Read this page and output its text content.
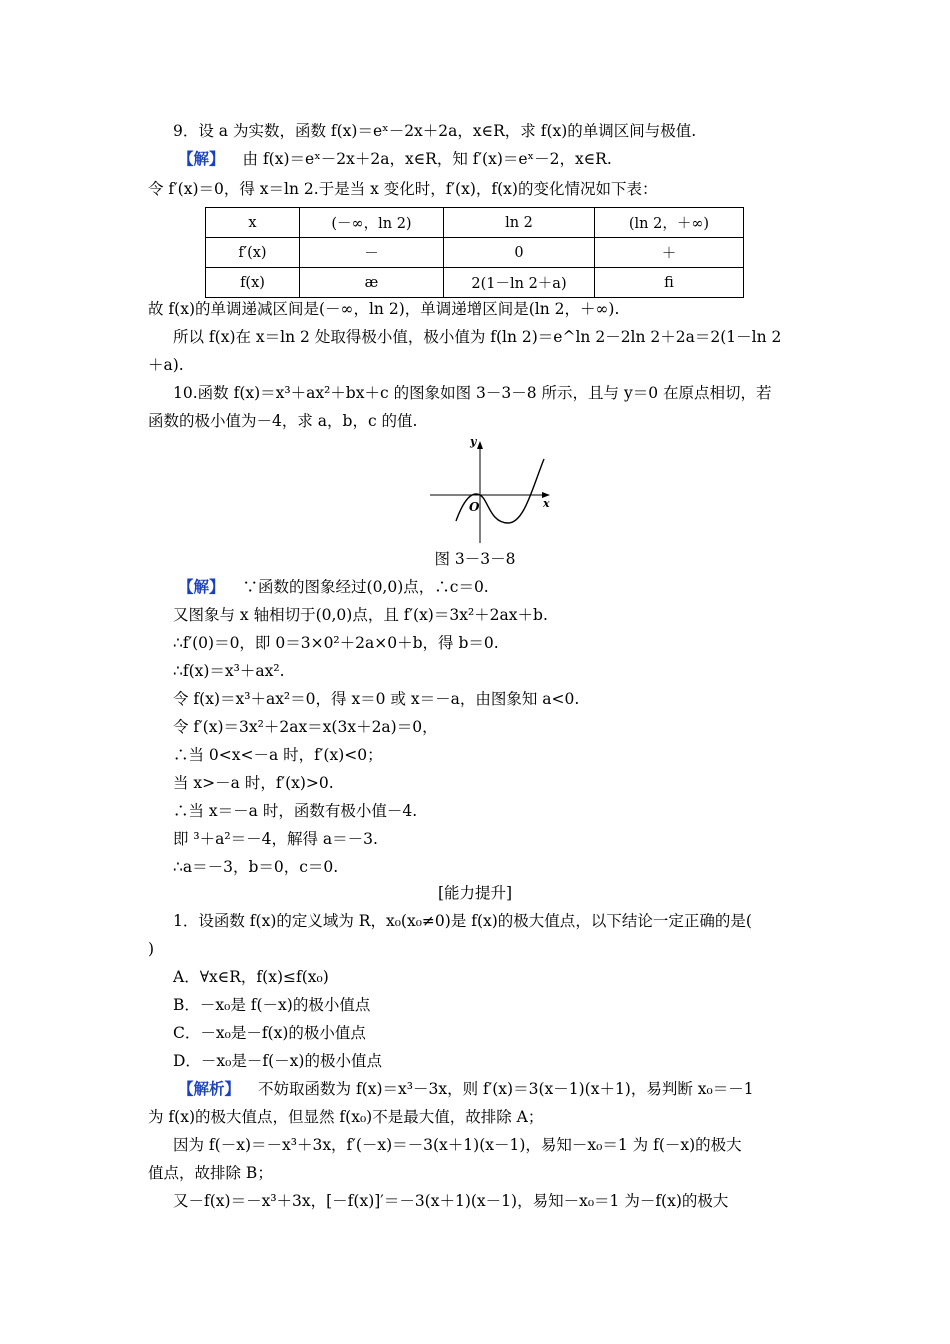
9．设 a 为实数，函数 f(x)＝eˣ－2x＋2a，x∈R，求 f(x)的单调区间与极值.
【解】 由 f(x)＝eˣ－2x＋2a，x∈R，知 f′(x)＝eˣ－2，x∈R.
令 f′(x)＝0，得 x＝ln 2.于是当 x 变化时，f′(x)，f(x)的变化情况如下表：
x	(－∞，ln 2)	ln 2	(ln 2，＋∞)
f′(x)	－	0	＋
f(x)	æ	2(1－ln 2＋a)	ﬁ
故 f(x)的单调递减区间是(－∞，ln 2)，单调递增区间是(ln 2，＋∞).
所以 f(x)在 x＝ln 2 处取得极小值，极小值为 f(ln 2)＝e^ln 2－2ln 2＋2a＝2(1－ln 2
＋a).
10.函数 f(x)＝x³＋ax²＋bx＋c 的图象如图 3－3－8 所示，且与 y＝0 在原点相切，若
函数的极小值为－4，求 a，b，c 的值.
x
y
O
图 3－3－8
【解】 ∵函数的图象经过(0,0)点，∴c＝0.
又图象与 x 轴相切于(0,0)点，且 f′(x)＝3x²＋2ax＋b.
∴f′(0)＝0，即 0＝3×0²＋2a×0＋b，得 b＝0.
∴f(x)＝x³＋ax².
令 f(x)＝x³＋ax²＝0，得 x＝0 或 x＝－a，由图象知 a<0.
令 f′(x)＝3x²＋2ax＝x(3x＋2a)＝0，
∴当 0<x<－a 时，f′(x)<0；
当 x>－a 时，f′(x)>0.
∴当 x＝－a 时，函数有极小值－4.
即 ³＋a²＝－4，解得 a＝－3.
∴a＝－3，b＝0，c＝0.
[能力提升]
1．设函数 f(x)的定义域为 R，x₀(x₀≠0)是 f(x)的极大值点，以下结论一定正确的是(
)
A．∀x∈R，f(x)≤f(x₀)
B．－x₀是 f(－x)的极小值点
C．－x₀是－f(x)的极小值点
D．－x₀是－f(－x)的极小值点
【解析】 不妨取函数为 f(x)＝x³－3x，则 f′(x)＝3(x－1)(x＋1)，易判断 x₀＝－1
为 f(x)的极大值点，但显然 f(x₀)不是最大值，故排除 A；
因为 f(－x)＝－x³＋3x，f′(－x)＝－3(x＋1)(x－1)，易知－x₀＝1 为 f(－x)的极大
值点，故排除 B；
又－f(x)＝－x³＋3x，[－f(x)]′＝－3(x＋1)(x－1)，易知－x₀＝1 为－f(x)的极大
